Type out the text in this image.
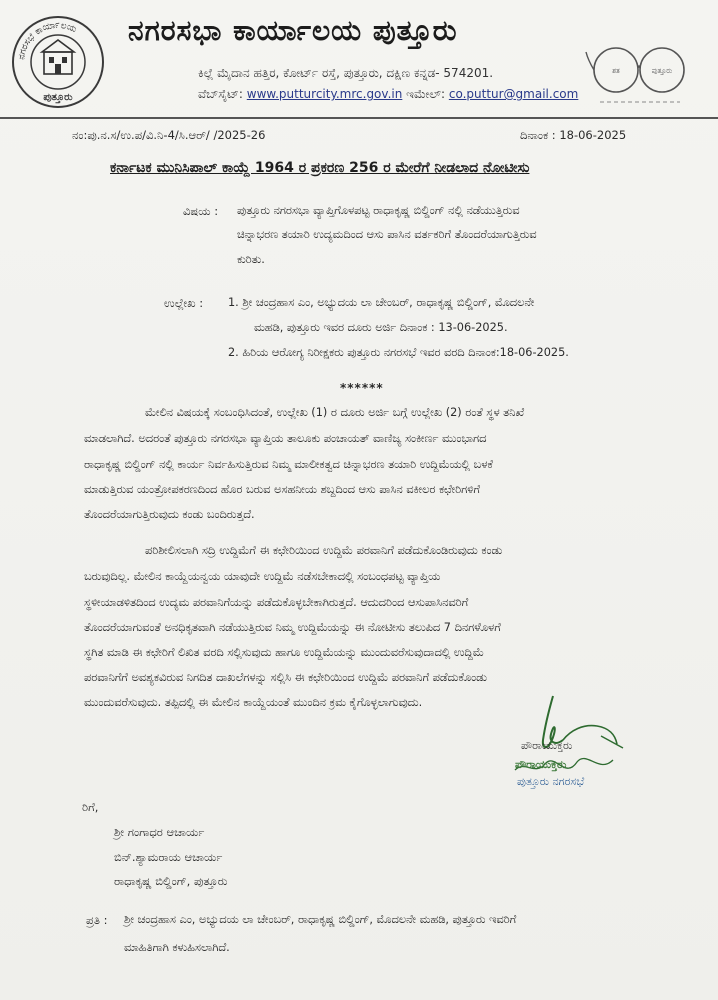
ನಗರಸಭೆ ಕಾರ್ಯಾಲಯ
ಪುತ್ತೂರು
ನಗರಸಭಾ ಕಾರ್ಯಾಲಯ ಪುತ್ತೂರು
ಕಿಲ್ಲೆ ಮೈದಾನ ಹತ್ತಿರ, ಕೋರ್ಟ್ ರಸ್ತೆ, ಪುತ್ತೂರು, ದಕ್ಷಿಣ ಕನ್ನಡ- 574201.
ವೆಬ್‌ಸೈಟ್: www.putturcity.mrc.gov.in ಇಮೇಲ್: co.puttur@gmail.com
ಶತ	ಪುತ್ತೂರು
ನಂ:ಪು.ನ.ಸ/ಉ.ಪ/ವಿ.ನಿ-4/ಸಿ.ಆರ್/ /2025-26	ದಿನಾಂಕ : 18-06-2025
ಕರ್ನಾಟಕ ಮುನಿಸಿಪಾಲ್ ಕಾಯ್ದೆ 1964 ರ ಪ್ರಕರಣ 256 ರ ಮೇರೆಗೆ ನೀಡಲಾದ ನೋಟೀಸು
ವಿಷಯ : ಪುತ್ತೂರು ನಗರಸಭಾ ವ್ಯಾಪ್ತಿಗೊಳಪಟ್ಟ ರಾಧಾಕೃಷ್ಣ ಬಿಲ್ಡಿಂಗ್ ನಲ್ಲಿ ನಡೆಯುತ್ತಿರುವ
ಚಿನ್ನಾಭರಣ ತಯಾರಿ ಉದ್ಯಮದಿಂದ ಆಸು ಪಾಸಿನ ವರ್ತಕರಿಗೆ ತೊಂದರೆಯಾಗುತ್ತಿರುವ
ಕುರಿತು.
ಉಲ್ಲೇಖ : 1. ಶ್ರೀ ಚಂದ್ರಹಾಸ ಎಂ, ಅಭ್ಯುದಯ ಲಾ ಚೇಂಬರ್, ರಾಧಾಕೃಷ್ಣ ಬಿಲ್ಡಿಂಗ್, ಮೊದಲನೇ
ಮಹಡಿ, ಪುತ್ತೂರು ಇವರ ದೂರು ಅರ್ಜಿ ದಿನಾಂಕ : 13-06-2025.
2. ಹಿರಿಯ ಆರೋಗ್ಯ ನಿರೀಕ್ಷಕರು ಪುತ್ತೂರು ನಗರಸಭೆ ಇವರ ವರದಿ ದಿನಾಂಕ:18-06-2025.
******
ಮೇಲಿನ ವಿಷಯಕ್ಕೆ ಸಂಬಂಧಿಸಿದಂತೆ, ಉಲ್ಲೇಖ (1) ರ ದೂರು ಅರ್ಜಿ ಬಗ್ಗೆ ಉಲ್ಲೇಖ (2) ರಂತೆ ಸ್ಥಳ ತನಿಖೆ
ಮಾಡಲಾಗಿದೆ. ಅದರಂತೆ ಪುತ್ತೂರು ನಗರಸಭಾ ವ್ಯಾಪ್ತಿಯ ತಾಲೂಕು ಪಂಚಾಯತ್ ವಾಣಿಜ್ಯ ಸಂಕೀರ್ಣ ಮುಂಭಾಗದ
ರಾಧಾಕೃಷ್ಣ ಬಿಲ್ಡಿಂಗ್ ನಲ್ಲಿ ಕಾರ್ಯ ನಿರ್ವಹಿಸುತ್ತಿರುವ ನಿಮ್ಮ ಮಾಲೀಕತ್ವದ ಚಿನ್ನಾಭರಣ ತಯಾರಿ ಉದ್ದಿಮೆಯಲ್ಲಿ ಬಳಕೆ
ಮಾಡುತ್ತಿರುವ ಯಂತ್ರೋಪಕರಣದಿಂದ ಹೊರ ಬರುವ ಅಸಹನೀಯ ಶಬ್ದದಿಂದ ಆಸು ಪಾಸಿನ ವಕೀಲರ ಕಛೇರಿಗಳಿಗೆ
ತೊಂದರೆಯಾಗುತ್ತಿರುವುದು ಕಂಡು ಬಂದಿರುತ್ತದೆ.
ಪರಿಶೀಲಿಸಲಾಗಿ ಸದ್ರಿ ಉದ್ದಿಮೆಗೆ ಈ ಕಛೇರಿಯಿಂದ ಉದ್ದಿಮೆ ಪರವಾನಿಗೆ ಪಡೆದುಕೊಂಡಿರುವುದು ಕಂಡು
ಬರುವುದಿಲ್ಲ. ಮೇಲಿನ ಕಾಯ್ದೆಯನ್ವಯ ಯಾವುದೇ ಉದ್ದಿಮೆ ನಡೆಸಬೇಕಾದಲ್ಲಿ ಸಂಬಂಧಪಟ್ಟ ವ್ಯಾಪ್ತಿಯ
ಸ್ಥಳೀಯಾಡಳಿತದಿಂದ ಉದ್ಯಮ ಪರವಾನಿಗೆಯನ್ನು ಪಡೆದುಕೊಳ್ಳಬೇಕಾಗಿರುತ್ತದೆ. ಆದುದರಿಂದ ಆಸುಪಾಸಿನವರಿಗೆ
ತೊಂದರೆಯಾಗುವಂತೆ ಅನಧಿಕೃತವಾಗಿ ನಡೆಯುತ್ತಿರುವ ನಿಮ್ಮ ಉದ್ದಿಮೆಯನ್ನು ಈ ನೋಟೀಸು ತಲುಪಿದ 7 ದಿನಗಳೊಳಗೆ
ಸ್ಥಗಿತ ಮಾಡಿ ಈ ಕಛೇರಿಗೆ ಲಿಖಿತ ವರದಿ ಸಲ್ಲಿಸುವುದು ಹಾಗೂ ಉದ್ದಿಮೆಯನ್ನು ಮುಂದುವರೆಸುವುದಾದಲ್ಲಿ ಉದ್ದಿಮೆ
ಪರವಾನಿಗೆಗೆ ಅವಶ್ಯಕವಿರುವ ನಿಗದಿತ ದಾಖಲೆಗಳನ್ನು ಸಲ್ಲಿಸಿ ಈ ಕಛೇರಿಯಿಂದ ಉದ್ದಿಮೆ ಪರವಾನಿಗೆ ಪಡೆದುಕೊಂಡು
ಮುಂದುವರೆಸುವುದು. ತಪ್ಪಿದಲ್ಲಿ ಈ ಮೇಲಿನ ಕಾಯ್ದೆಯಂತೆ ಮುಂದಿನ ಕ್ರಮ ಕೈಗೊಳ್ಳಲಾಗುವುದು.
ಪೌರಾಯುಕ್ತರು
ಪೌರಾಯುಕ್ತರು
ಪುತ್ತೂರು ನಗರಸಭೆ
ರಿಗೆ,
ಶ್ರೀ ಗಂಗಾಧರ ಆಚಾರ್ಯ
ಬಿನ್.ಶ್ಯಾಮರಾಯ ಆಚಾರ್ಯ
ರಾಧಾಕೃಷ್ಣ ಬಿಲ್ಡಿಂಗ್, ಪುತ್ತೂರು
ಪ್ರತಿ : ಶ್ರೀ ಚಂದ್ರಹಾಸ ಎಂ, ಅಭ್ಯುದಯ ಲಾ ಚೇಂಬರ್, ರಾಧಾಕೃಷ್ಣ ಬಿಲ್ಡಿಂಗ್, ಮೊದಲನೇ ಮಹಡಿ, ಪುತ್ತೂರು ಇವರಿಗೆ
ಮಾಹಿತಿಗಾಗಿ ಕಳುಹಿಸಲಾಗಿದೆ.
